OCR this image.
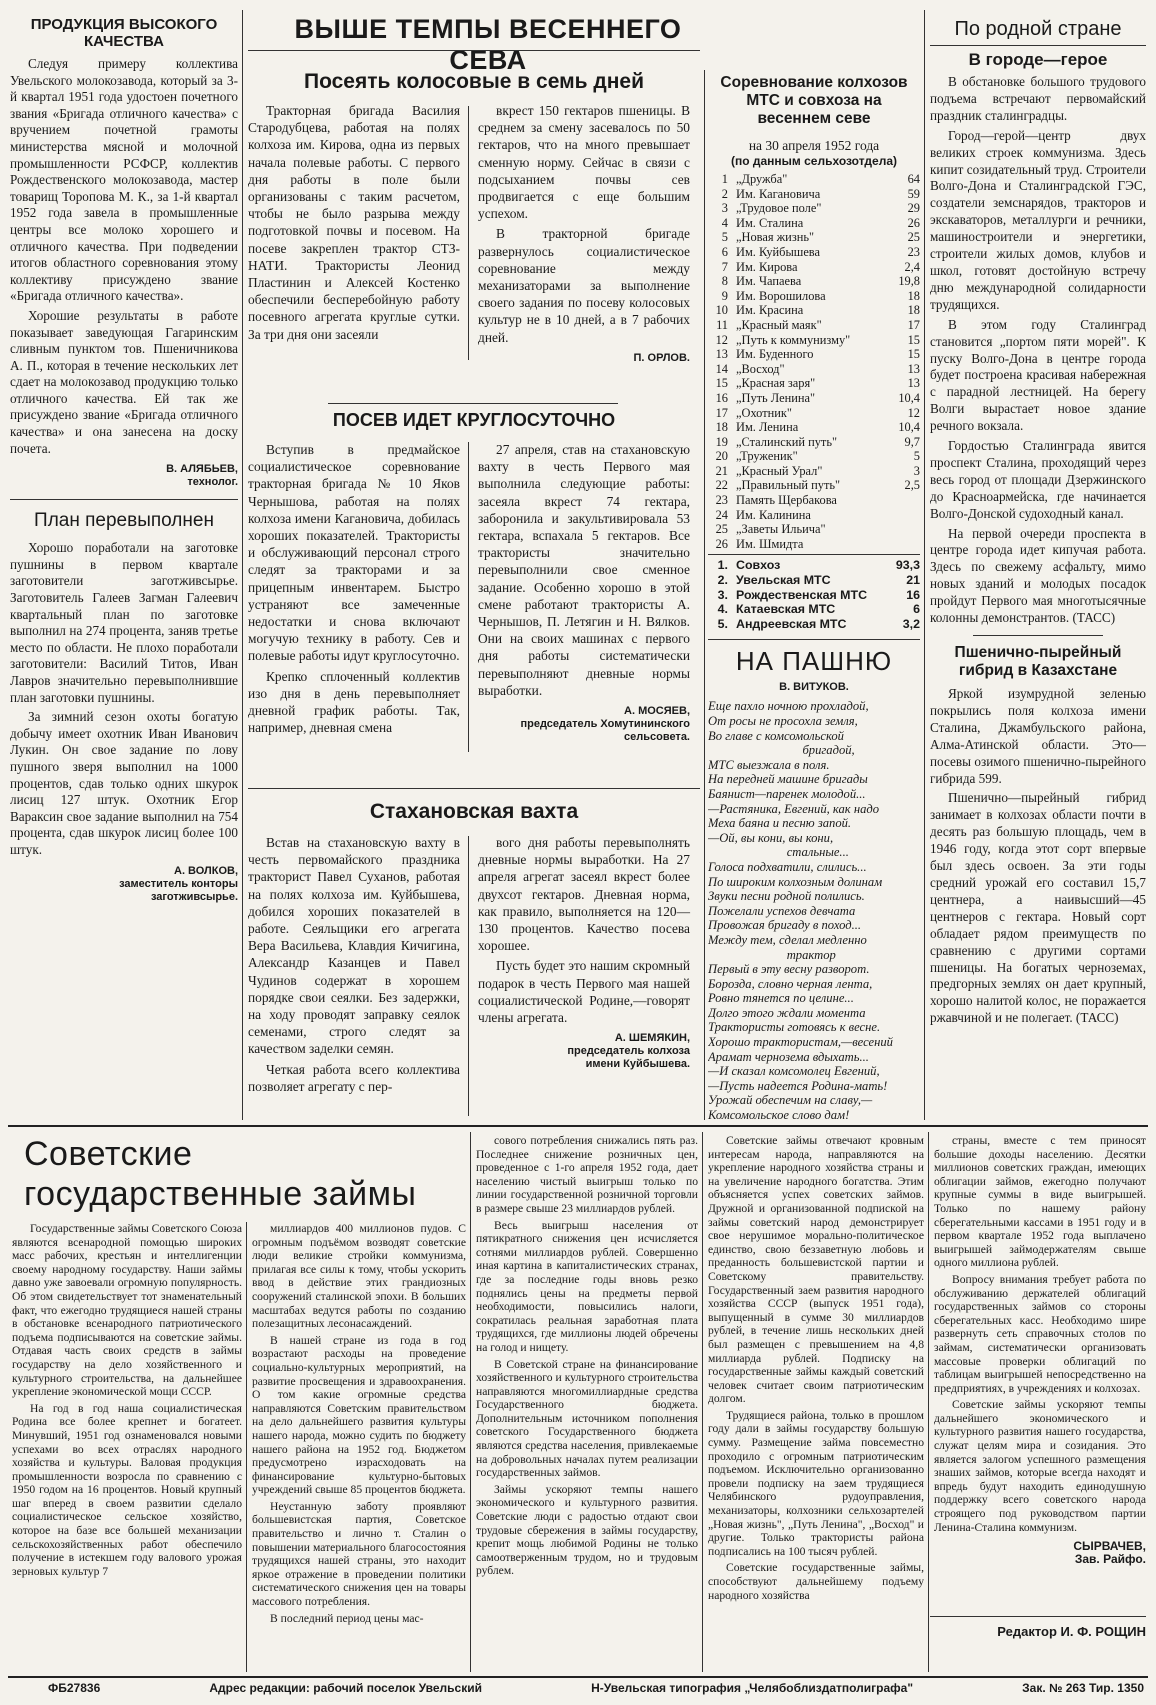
ПРОДУКЦИЯ ВЫСОКОГО КАЧЕСТВА

Следуя примеру коллектива Увельского молокозавода, который за 3-й квартал 1951 года удостоен почетного звания «Бригада отличного качества» с вручением почетной грамоты министерства мясной и молочной промышленности РСФСР, коллектив Рождественского молокозавода, мастер товарищ Торопова М. К., за 1-й квартал 1952 года завела в промышленные центры все молоко хорошего и отличного качества. При подведении итогов областного соревнования этому коллективу присуждено звание «Бригада отличного качества».

Хорошие результаты в работе показывает заведующая Гагаринским сливным пунктом тов. Пшеничникова А. П., которая в течение нескольких лет сдает на молокозавод продукцию только отличного качества. Ей так же присуждено звание «Бригада отличного качества» и она занесена на доску почета.

В. АЛЯБЬЕВ,
технолог.
План перевыполнен

Хорошо поработали на заготовке пушнины в первом квартале заготовители заготживсырье. Заготовитель Галеев Загман Галеевич квартальный план по заготовке выполнил на 274 процента, заняв третье место по области. Не плохо поработали заготовители: Василий Титов, Иван Лавров значительно перевыполнившие план заготовки пушнины.

За зимний сезон охоты богатую добычу имеет охотник Иван Иванович Лукин. Он свое задание по лову пушного зверя выполнил на 1000 процентов, сдав только одних шкурок лисиц 127 штук. Охотник Егор Вараксин свое задание выполнил на 754 процента, сдав шкурок лисиц более 100 штук.

А. ВОЛКОВ,
заместитель конторы
заготживсырье.
ВЫШЕ ТЕМПЫ ВЕСЕННЕГО СЕВА
Посеять колосовые в семь дней

Тракторная бригада Василия Стародубцева, работая на полях колхоза им. Кирова, одна из первых начала полевые работы. С первого дня работы в поле были организованы с таким расчетом, чтобы не было разрыва между подготовкой почвы и посевом. На посеве закреплен трактор СТЗ-НАТИ. Трактористы Леонид Пластинин и Алексей Костенко обеспечили бесперебойную работу посевного агрегата круглые сутки. За три дня они засеяли

вкрест 150 гектаров пшеницы. В среднем за смену засевалось по 50 гектаров, что на много превышает сменную норму. Сейчас в связи с подсыханием почвы сев продвигается с еще большим успехом.

В тракторной бригаде развернулось социалистическое соревнование между механизаторами за выполнение своего задания по посеву колосовых культур не в 10 дней, а в 7 рабочих дней.

П. ОРЛОВ.
ПОСЕВ ИДЕТ КРУГЛОСУТОЧНО

Вступив в предмайское социалистическое соревнование тракторная бригада № 10 Яков Чернышова, работая на полях колхоза имени Кагановича, добилась хороших показателей. Трактористы и обслуживающий персонал строго следят за тракторами и за прицепным инвентарем. Быстро устраняют все замеченные недостатки и снова включают могучую технику в работу. Сев и полевые работы идут круглосуточно.

Крепко сплоченный коллектив изо дня в день перевыполняет дневной график работы. Так, например, дневная смена

27 апреля, став на стахановскую вахту в честь Первого мая выполнила следующие работы: засеяла вкрест 74 гектара, заборонила и закультивировала 53 гектара, вспахала 5 гектаров. Все трактористы значительно перевыполнили свое сменное задание. Особенно хорошо в этой смене работают трактористы А. Чернышов, П. Летягин и Н. Вялков. Они на своих машинах с первого дня работы систематически перевыполняют дневные нормы выработки.

А. МОСЯЕВ,
председатель Хомутининского
сельсовета.
Стахановская вахта

Встав на стахановскую вахту в честь первомайского праздника тракторист Павел Суханов, работая на полях колхоза им. Куйбышева, добился хороших показателей в работе. Сеяльщики его агрегата Вера Васильева, Клавдия Кичигина, Александр Казанцев и Павел Чудинов содержат в хорошем порядке свои сеялки. Без задержки, на ходу проводят заправку сеялок семенами, строго следят за качеством заделки семян.

Четкая работа всего коллектива позволяет агрегату с пер-

вого дня работы перевыполнять дневные нормы выработки. На 27 апреля агрегат засеял вкрест более двухсот гектаров. Дневная норма, как правило, выполняется на 120—130 процентов. Качество посева хорошее.

Пусть будет это нашим скромный подарок в честь Первого мая нашей социалистической Родине,—говорят члены агрегата.

А. ШЕМЯКИН,
председатель колхоза
имени Куйбышева.
Соревнование колхозов МТС и совхоза на весеннем севе
на 30 апреля 1952 года
(по данным сельхозотдела)
1 „Дружба"	64
2 Им. Кагановича	59
3 „Трудовое поле"	29
4 Им. Сталина	26
5 „Новая жизнь"	25
6 Им. Куйбышева	23
7 Им. Кирова	2,4
8 Им. Чапаева	19,8
9 Им. Ворошилова	18
10 Им. Красина	18
11 „Красный маяк"	17
12 „Путь к коммунизму"	15
13 Им. Буденного	15
14 „Восход"	13
15 „Красная заря"	13
16 „Путь Ленина"	10,4
17 „Охотник"	12
18 Им. Ленина	10,4
19 „Сталинский путь"	9,7
20 „Труженик"	5
21 „Красный Урал"	3
22 „Правильный путь"	2,5
23 Память Щербакова
24 Им. Калинина
25 „Заветы Ильича"
26 Им. Шмидта
1. Совхоз	93,3
2. Увельская МТС	21
3. Рождественская МТС	16
4. Катаевская МТС	6
5. Андреевская МТС	3,2
НА ПАШНЮ
В. ВИТУКОВ.
Еще пахло ночною прохладой,
От росы не просохла земля,
Во главе с комсомольской
бригадой,
МТС выезжала в поля.
На передней машине бригады
Баянист—паренек молодой...
—Растяника, Евгений, как надо
Меха баяна и песню запой.
—Ой, вы кони, вы кони,
стальные...
Голоса подхватили, слились...
По широким колхозным долинам
Звуки песни родной полились.
Пожелали успехов девчата
Провожая бригаду в поход...
Между тем, сделал медленно
трактор
Первый в эту весну разворот.
Борозда, словно черная лента,
Ровно тянется по целине...
Долго этого ждали момента
Трактористы готовясь к весне.
Хорошо трактористам,—весений
Арамат чернозема вдыхать...
—И сказал комсомолец Евгений,
—Пусть надеется Родина-мать!
Урожай обеспечим на славу,—
Комсомольское слово дам!
По родной стране
В городе—герое

В обстановке большого трудового подъема встречают первомайский праздник сталинградцы.

Город—герой—центр двух великих строек коммунизма. Здесь кипит созидательный труд. Строители Волго-Дона и Сталинградской ГЭС, создатели земснарядов, тракторов и экскаваторов, металлурги и речники, машиностроители и энергетики, строители жилых домов, клубов и школ, готовят достойную встречу дню международной солидарности трудящихся.

В этом году Сталинград становится „портом пяти морей". К пуску Волго-Дона в центре города будет построена красивая набережная с парадной лестницей. На берегу Волги вырастает новое здание речного вокзала.

Гордостью Сталинграда явится проспект Сталина, проходящий через весь город от площади Дзержинского до Красноармейска, где начинается Волго-Донской судоходный канал.

На первой очереди проспекта в центре города идет кипучая работа. Здесь по свежему асфальту, мимо новых зданий и молодых посадок пройдут Первого мая многотысячные колонны демонстрантов. (ТАСС)

Пшенично-пырейный гибрид в Казахстане

Яркой изумрудной зеленью покрылись поля колхоза имени Сталина, Джамбульского района, Алма-Атинской области. Это—посевы озимого пшенично-пырейного гибрида 599.

Пшенично—пырейный гибрид занимает в колхозах области почти в десять раз большую площадь, чем в 1946 году, когда этот сорт впервые был здесь освоен. За эти годы средний урожай его составил 15,7 центнера, а наивысший—45 центнеров с гектара. Новый сорт обладает рядом преимуществ по сравнению с другими сортами пшеницы. На богатых черноземах, предгорных землях он дает крупный, хорошо налитой колос, не поражается ржавчиной и не полегает. (ТАСС)

Советские государственные займы

Государственные займы Советского Союза являются всенародной помощью широких масс рабочих, крестьян и интеллигенции своему народному государству. Наши займы давно уже завоевали огромную популярность. Об этом свидетельствует тот знаменательный факт, что ежегодно трудящиеся нашей страны в обстановке всенародного патриотического подъема подписываются на советские займы. Отдавая часть своих средств в займы государству на дело хозяйственного и культурного строительства, на дальнейшее укрепление экономической мощи СССР.

На год в год наша социалистическая Родина все более крепнет и богатеет. Минувший, 1951 год ознаменовался новыми успехами во всех отраслях народного хозяйства и культуры. Валовая продукция промышленности возросла по сравнению с 1950 годом на 16 процентов. Новый крупный шаг вперед в своем развитии сделало социалистическое сельское хозяйство, которое на базе все большей механизации сельскохозяйственных работ обеспечило получение в истекшем году валового урожая зерновых культур 7

миллиардов 400 миллионов пудов. С огромным подъёмом возводят советские люди великие стройки коммунизма, прилагая все силы к тому, чтобы ускорить ввод в действие этих грандиозных сооружений сталинской эпохи. В больших масштабах ведутся работы по созданию полезащитных лесонасаждений.

В нашей стране из года в год возрастают расходы на проведение социально-культурных мероприятий, на развитие просвещения и здравоохранения. О том какие огромные средства направляются Советским правительством на дело дальнейшего развития культуры нашего народа, можно судить по бюджету нашего района на 1952 год. Бюджетом предусмотрено израсходовать на финансирование культурно-бытовых учреждений свыше 85 процентов бюджета.

Неустанную заботу проявляют большевистская партия, Советское правительство и лично т. Сталин о повышении материального благосостояния трудящихся нашей страны, это находит яркое отражение в проведении политики систематического снижения цен на товары массового потребления.

В последний период цены мас-

сового потребления снижались пять раз. Последнее снижение розничных цен, проведенное с 1-го апреля 1952 года, дает населению чистый выигрыш только по линии государственной розничной торговли в размере свыше 23 миллиардов рублей.

Весь выигрыш населения от пятикратного снижения цен исчисляется сотнями миллиардов рублей. Совершенно иная картина в капиталистических странах, где за последние годы вновь резко поднялись цены на предметы первой необходимости, повысились налоги, сократилась реальная заработная плата трудящихся, где миллионы людей обречены на голод и нищету.

В Советской стране на финансирование хозяйственного и культурного строительства направляются многомиллиардные средства Государственного бюджета. Дополнительным источником пополнения советского Государственного бюджета являются средства населения, привлекаемые на добровольных началах путем реализации государственных займов.

Займы ускоряют темпы нашего экономического и культурного развития. Советские люди с радостью отдают свои трудовые сбережения в займы государству, крепит мощь любимой Родины не только самоотверженным трудом, но и трудовым рублем.

Советские займы отвечают кровным интересам народа, направляются на укрепление народного хозяйства страны и на увеличение народного богатства. Этим объясняется успех советских займов. Дружной и организованной подпиской на займы советский народ демонстрирует свое нерушимое морально-политическое единство, свою беззаветную любовь и преданность большевистской партии и Советскому правительству. Государственный заем развития народного хозяйства СССР (выпуск 1951 года), выпущенный в сумме 30 миллиардов рублей, в течение лишь нескольких дней был размещен с превышением на 4,8 миллиарда рублей. Подписку на государственные займы каждый советский человек считает своим патриотическим долгом.

Трудящиеся района, только в прошлом году дали в займы государству большую сумму. Размещение займа повсеместно проходило с огромным патриотическим подъемом. Исключительно организованно провели подписку на заем трудящиеся Челябинского рудоуправления, механизаторы, колхозники сельхозартелей „Новая жизнь", „Путь Ленина", „Восход" и другие. Только трактористы района подписались на 100 тысяч рублей.

Советские государственные займы, способствуют дальнейшему подъему народного хозяйства

страны, вместе с тем приносят большие доходы населению. Десятки миллионов советских граждан, имеющих облигации займов, ежегодно получают крупные суммы в виде выигрышей. Только по нашему району сберегательными кассами в 1951 году и в первом квартале 1952 года выплачено выигрышей займодержателям свыше одного миллиона рублей.

Вопросу внимания требует работа по обслуживанию держателей облигаций государственных займов со стороны сберегательных касс. Необходимо шире развернуть сеть справочных столов по займам, систематически организовать массовые проверки облигаций по таблицам выигрышей непосредственно на предприятиях, в учреждениях и колхозах.

Советские займы ускоряют темпы дальнейшего экономического и культурного развития нашего государства, служат целям мира и созидания. Это является залогом успешного размещения знаших займов, которые всегда находят и впредь будут находить единодушную поддержку всего советского народа строящего под руководством партии Ленина-Сталина коммунизм.

СЫРВАЧЕВ,
Зав. Райфо.
Редактор И. Ф. РОЩИН
ФБ27836	Адрес редакции: рабочий поселок Увельский	Н-Увельская типография „Челябоблиздатполиграфа"	Зак. № 263 Тир. 1350
